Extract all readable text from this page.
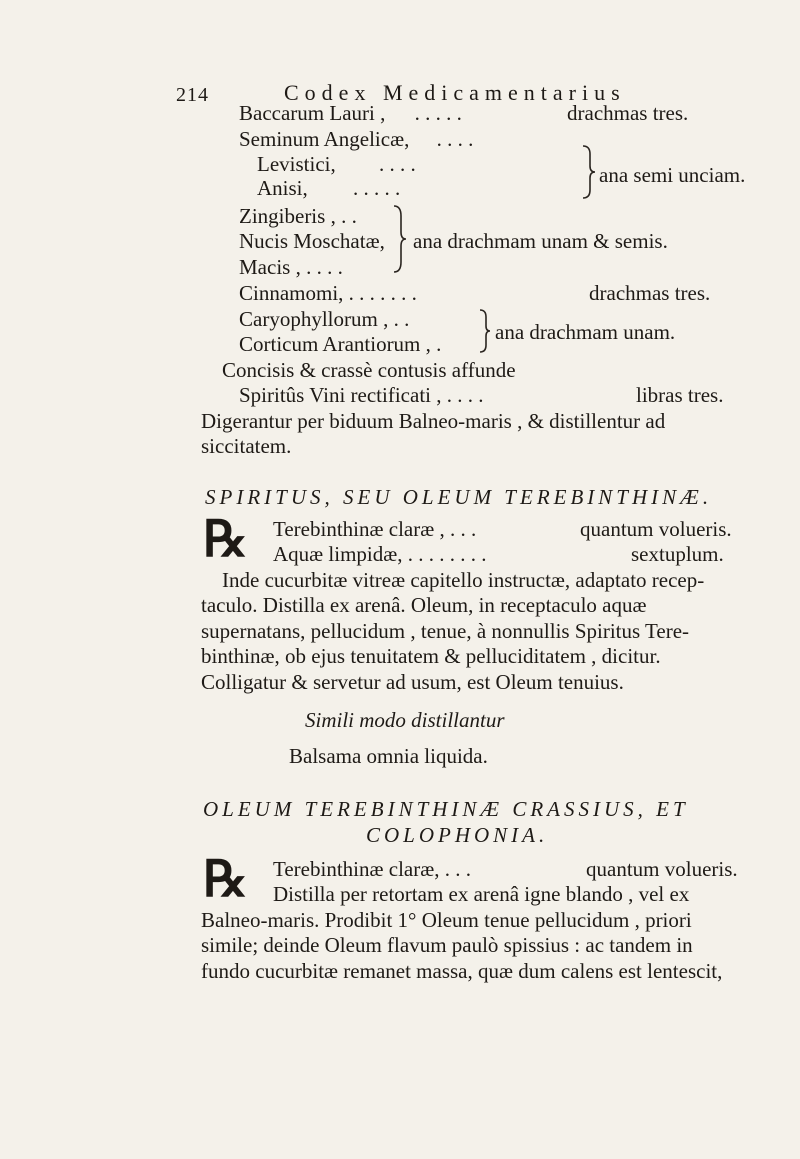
214	Codex Medicamentarius
Baccarum Lauri , . . . . .	drachmas tres.
Seminum Angelicæ, . . . .
Levistici, . . . .
Anisi, . . . . .
ana semi unciam.
Zingiberis , . .
Nucis Moschatæ,
Macis , . . . .
ana drachmam unam & semis.
Cinnamomi, . . . . . . .	drachmas tres.
Caryophyllorum , . .
Corticum Arantiorum , .	ana drachmam unam.
Concisis & crassè contusis affunde
Spiritûs Vini rectificati , . . . .	libras tres.
Digerantur per biduum Balneo-maris , & distillentur ad
siccitatem.
SPIRITUS, SEU OLEUM TEREBINTHINÆ.
℞ Terebinthinæ claræ , . . .	quantum volueris.
Aquæ limpidæ, . . . . . . . .	sextuplum.
Inde cucurbitæ vitreæ capitello instructæ, adaptato recep-
taculo. Distilla ex arenâ. Oleum, in receptaculo aquæ
supernatans, pellucidum , tenue, à nonnullis Spiritus Tere-
binthinæ, ob ejus tenuitatem & pelluciditatem , dicitur.
Colligatur & servetur ad usum, est Oleum tenuius.
Simili modo distillantur
Balsama omnia liquida.
OLEUM TEREBINTHINÆ CRASSIUS, ET
COLOPHONIA.
℞ Terebinthinæ claræ, . . .	quantum volueris.
Distilla per retortam ex arenâ igne blando , vel ex
Balneo-maris. Prodibit 1° Oleum tenue pellucidum , priori
simile; deinde Oleum flavum paulò spissius : ac tandem in
fundo cucurbitæ remanet massa, quæ dum calens est lentescit,
